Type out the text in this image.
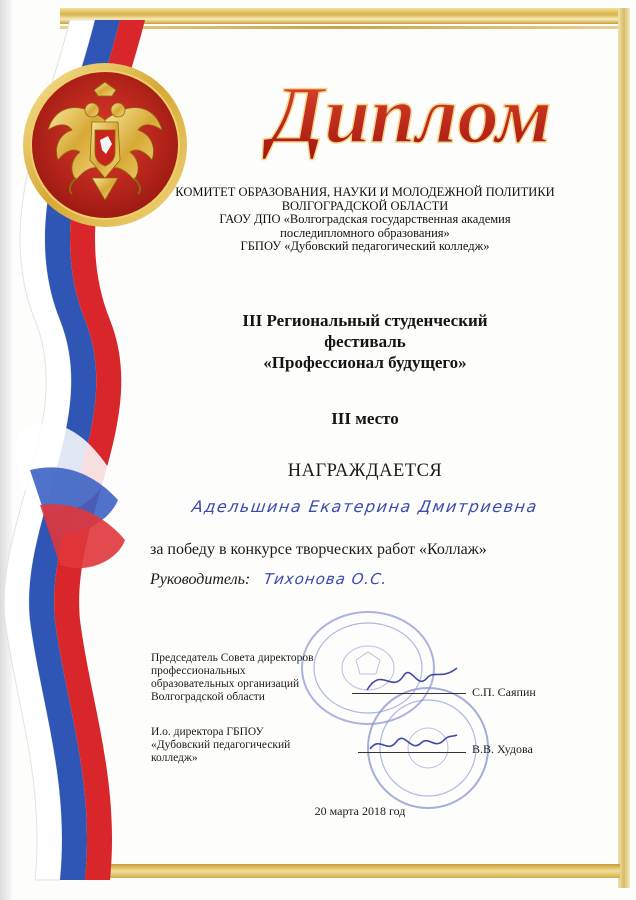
Диплом
КОМИТЕТ ОБРАЗОВАНИЯ, НАУКИ И МОЛОДЕЖНОЙ ПОЛИТИКИ
ВОЛГОГРАДСКОЙ ОБЛАСТИ
ГАОУ ДПО «Волгоградская государственная академия
последипломного образования»
ГБПОУ «Дубовский педагогический колледж»
III Региональный студенческий
фестиваль
«Профессионал будущего»
III место
НАГРАЖДАЕТСЯ
Адельшина Екатерина Дмитриевна
за победу в конкурсе творческих работ «Коллаж»
Руководитель: Тихонова О.С.
Председатель Совета директоров
профессиональных
образовательных организаций
Волгоградской области	С.П. Саяпин
И.о. директора ГБПОУ
«Дубовский педагогический
колледж»
В.В. Худова
20 марта 2018 год
